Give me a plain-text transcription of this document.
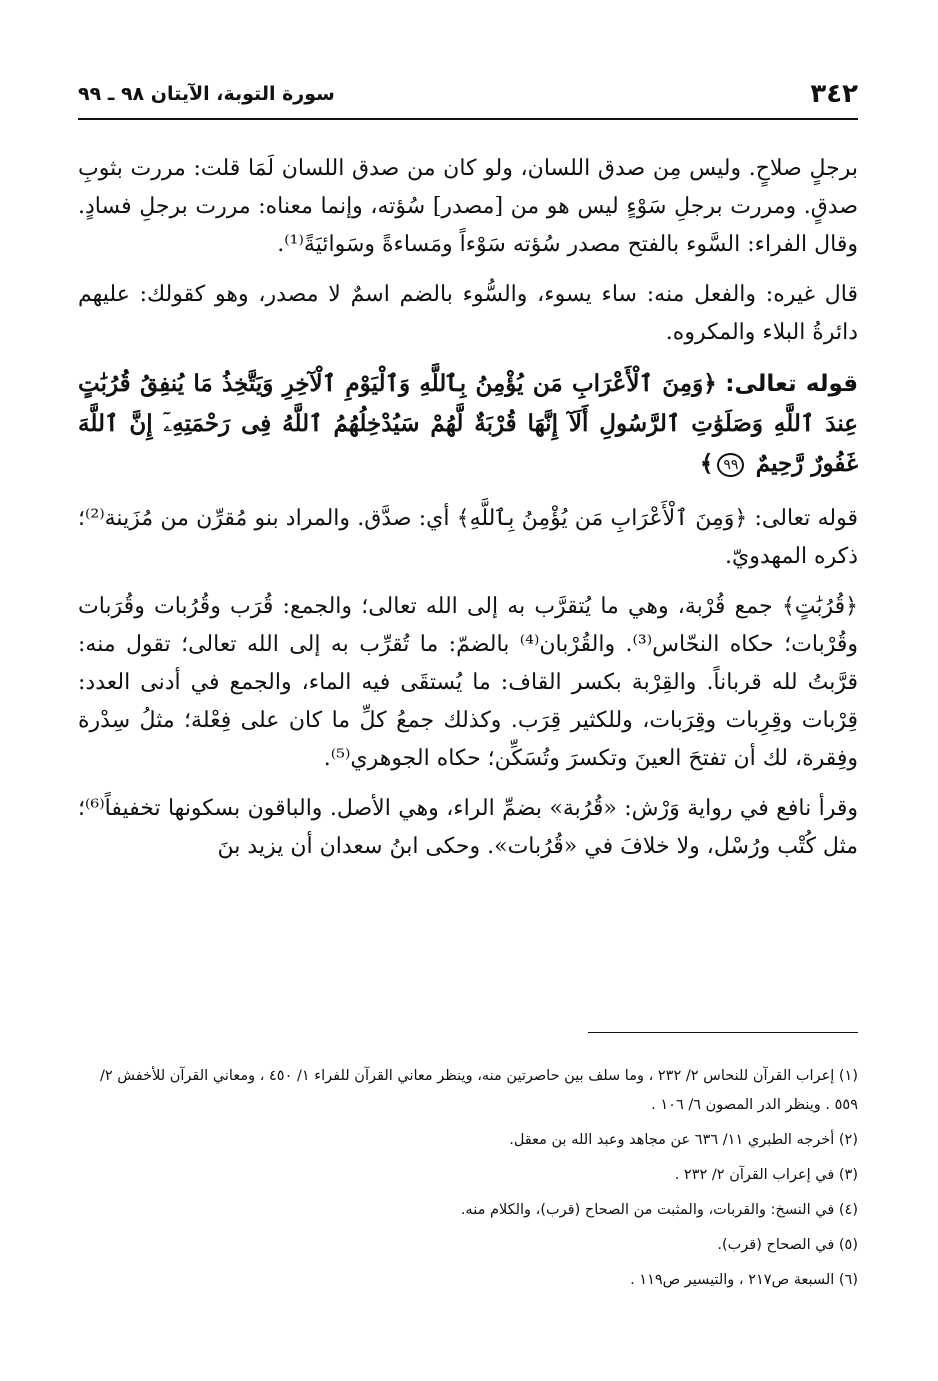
٣٤٢
سورة التوبة، الآيتان ٩٨ ـ ٩٩

برجلٍ صلاحٍ. وليس مِن صدق اللسان، ولو كان من صدق اللسان لَمَا قلت: مررت بثوبِ صدقٍ. ومررت برجلِ سَوْءٍ ليس هو من [مصدر] سُؤته، وإنما معناه: مررت برجلِ فسادٍ. وقال الفراء: السَّوء بالفتح مصدر سُؤته سَوْءاً ومَساءةً وسَوائيَةً⁽¹⁾.

قال غيره: والفعل منه: ساء يسوء، والسُّوء بالضم اسمٌ لا مصدر، وهو كقولك: عليهم دائرةُ البلاء والمكروه.

قوله تعالى: ﴿وَمِنَ ٱلْأَعْرَابِ مَن يُؤْمِنُ بِٱللَّهِ وَٱلْيَوْمِ ٱلْآخِرِ وَيَتَّخِذُ مَا يُنفِقُ قُرُبَٰتٍ عِندَ ٱللَّهِ وَصَلَوَٰتِ ٱلرَّسُولِ أَلَآ إِنَّهَا قُرْبَةٌ لَّهُمْ سَيُدْخِلُهُمُ ٱللَّهُ فِى رَحْمَتِهِۦٓ إِنَّ ٱللَّهَ غَفُورٌ رَّحِيمٌ ٩٩﴾

قوله تعالى: ﴿وَمِنَ ٱلْأَعْرَابِ مَن يُؤْمِنُ بِٱللَّهِ﴾ أي: صدَّق. والمراد بنو مُقرِّن من مُزَينة⁽²⁾؛ ذكره المهدويّ.

﴿قُرُبَٰتٍ﴾ جمع قُرْبة، وهي ما يُتقرَّب به إلى الله تعالى؛ والجمع: قُرَب وقُرُبات وقُرَبات وقُرْبات؛ حكاه النحّاس⁽³⁾. والقُرْبان⁽⁴⁾ بالضمّ: ما تُقرِّب به إلى الله تعالى؛ تقول منه: قرَّبتُ لله قرباناً. والقِرْبة بكسر القاف: ما يُستقَى فيه الماء، والجمع في أدنى العدد: قِرْبات وقِرِبات وقِرَبات، وللكثير قِرَب. وكذلك جمعُ كلِّ ما كان على فِعْلة؛ مثلُ سِدْرة وفِقرة، لك أن تفتحَ العينَ وتكسرَ وتُسَكِّن؛ حكاه الجوهري⁽⁵⁾.

وقرأ نافع في رواية وَرْش: «قُرُبة» بضمِّ الراء، وهي الأصل. والباقون بسكونها تخفيفاً⁽⁶⁾؛ مثل كُتْب ورُسْل، ولا خلافَ في «قُرُبات». وحكى ابنُ سعدان أن يزيد بنَ

(١) إعراب القرآن للنحاس ٢/ ٢٣٢ ، وما سلف بين حاصرتين منه، وينظر معاني القرآن للفراء ١/ ٤٥٠ ، ومعاني القرآن للأخفش ٢/ ٥٥٩ . وينظر الدر المصون ٦/ ١٠٦ .
(٢) أخرجه الطبري ١١/ ٦٣٦ عن مجاهد وعبد الله بن معقل.
(٣) في إعراب القرآن ٢/ ٢٣٢ .
(٤) في النسخ: والقربات، والمثبت من الصحاح (قرب)، والكلام منه.
(٥) في الصحاح (قرب).
(٦) السبعة ص٢١٧ ، والتيسير ص١١٩ .
